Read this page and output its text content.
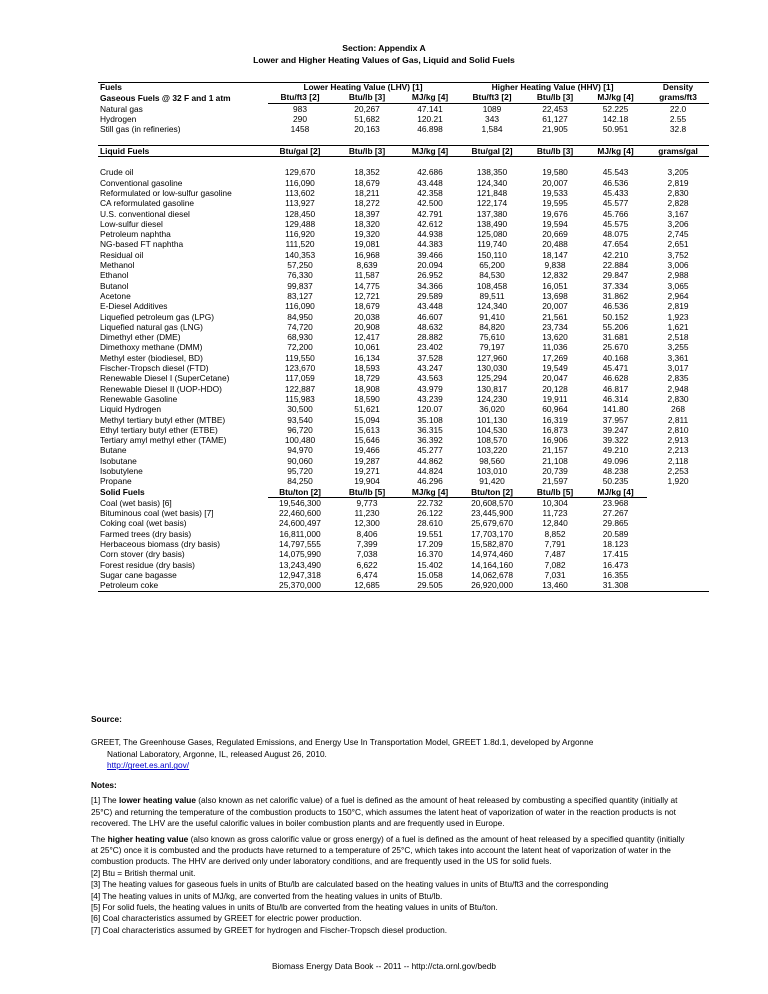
Section: Appendix A
Lower and Higher Heating Values of Gas, Liquid and Solid Fuels
Fuels	Lower Heating Value (LHV) [1]			Higher Heating Value (HHV) [1]			Density
Gaseous Fuels @ 32 F and 1 atm	Btu/ft3 [2]	Btu/lb [3]	MJ/kg [4]	Btu/ft3 [2]	Btu/lb [3]	MJ/kg [4]	grams/ft3
Natural gas	983	20,267	47.141	1089	22,453	52.225	22.0
Hydrogen	290	51,682	120.21	343	61,127	142.18	2.55
Still gas (in refineries)	1458	20,163	46.898	1,584	21,905	50.951	32.8

Liquid Fuels	Btu/gal [2]	Btu/lb [3]	MJ/kg [4]	Btu/gal [2]	Btu/lb [3]	MJ/kg [4]	grams/gal

Crude oil	129,670	18,352	42.686	138,350	19,580	45.543	3,205
Conventional gasoline	116,090	18,679	43.448	124,340	20,007	46.536	2,819
Reformulated or low-sulfur gasoline	113,602	18,211	42.358	121,848	19,533	45.433	2,830
CA reformulated gasoline	113,927	18,272	42.500	122,174	19,595	45.577	2,828
U.S. conventional diesel	128,450	18,397	42.791	137,380	19,676	45.766	3,167
Low-sulfur diesel	129,488	18,320	42.612	138,490	19,594	45.575	3,206
Petroleum naphtha	116,920	19,320	44.938	125,080	20,669	48.075	2,745
NG-based FT naphtha	111,520	19,081	44.383	119,740	20,488	47.654	2,651
Residual oil	140,353	16,968	39.466	150,110	18,147	42.210	3,752
Methanol	57,250	8,639	20.094	65,200	9,838	22.884	3,006
Ethanol	76,330	11,587	26.952	84,530	12,832	29.847	2,988
Butanol	99,837	14,775	34.366	108,458	16,051	37.334	3,065
Acetone	83,127	12,721	29.589	89,511	13,698	31.862	2,964
E-Diesel Additives	116,090	18,679	43.448	124,340	20,007	46.536	2,819
Liquefied petroleum gas (LPG)	84,950	20,038	46.607	91,410	21,561	50.152	1,923
Liquefied natural gas (LNG)	74,720	20,908	48.632	84,820	23,734	55.206	1,621
Dimethyl ether (DME)	68,930	12,417	28.882	75,610	13,620	31.681	2,518
Dimethoxy methane (DMM)	72,200	10,061	23.402	79,197	11,036	25.670	3,255
Methyl ester (biodiesel, BD)	119,550	16,134	37.528	127,960	17,269	40.168	3,361
Fischer-Tropsch diesel (FTD)	123,670	18,593	43.247	130,030	19,549	45.471	3,017
Renewable Diesel I (SuperCetane)	117,059	18,729	43.563	125,294	20,047	46.628	2,835
Renewable Diesel II (UOP-HDO)	122,887	18,908	43.979	130,817	20,128	46.817	2,948
Renewable Gasoline	115,983	18,590	43.239	124,230	19,911	46.314	2,830
Liquid Hydrogen	30,500	51,621	120.07	36,020	60,964	141.80	268
Methyl tertiary butyl ether (MTBE)	93,540	15,094	35.108	101,130	16,319	37.957	2,811
Ethyl tertiary butyl ether (ETBE)	96,720	15,613	36.315	104,530	16,873	39.247	2,810
Tertiary amyl methyl ether (TAME)	100,480	15,646	36.392	108,570	16,906	39.322	2,913
Butane	94,970	19,466	45.277	103,220	21,157	49.210	2,213
Isobutane	90,060	19,287	44.862	98,560	21,108	49.096	2,118
Isobutylene	95,720	19,271	44.824	103,010	20,739	48.238	2,253
Propane	84,250	19,904	46.296	91,420	21,597	50.235	1,920
Solid Fuels	Btu/ton [2]	Btu/lb [5]	MJ/kg [4]	Btu/ton [2]	Btu/lb [5]	MJ/kg [4]	
Coal (wet basis) [6]	19,546,300	9,773	22.732	20,608,570	10,304	23.968	
Bituminous coal (wet basis) [7]	22,460,600	11,230	26.122	23,445,900	11,723	27.267	
Coking coal (wet basis)	24,600,497	12,300	28.610	25,679,670	12,840	29.865	
Farmed trees (dry basis)	16,811,000	8,406	19.551	17,703,170	8,852	20.589	
Herbaceous biomass (dry basis)	14,797,555	7,399	17.209	15,582,870	7,791	18.123	
Corn stover (dry basis)	14,075,990	7,038	16.370	14,974,460	7,487	17.415	
Forest residue (dry basis)	13,243,490	6,622	15.402	14,164,160	7,082	16.473	
Sugar cane bagasse	12,947,318	6,474	15.058	14,062,678	7,031	16.355	
Petroleum coke	25,370,000	12,685	29.505	26,920,000	13,460	31.308	

Source:

GREET, The Greenhouse Gases, Regulated Emissions, and Energy Use In Transportation Model, GREET 1.8d.1, developed by Argonne
National Laboratory, Argonne, IL, released August 26, 2010.
http://greet.es.anl.gov/

Notes:

[1] The lower heating value (also known as net calorific value) of a fuel is defined as the amount of heat released by combusting a specified quantity (initially at 25°C) and returning the temperature of the combustion products to 150°C, which assumes the latent heat of vaporization of water in the reaction products is not recovered. The LHV are the useful calorific values in boiler combustion plants and are frequently used in Europe.

The higher heating value (also known as gross calorific value or gross energy) of a fuel is defined as the amount of heat released by a specified quantity (initially at 25°C) once it is combusted and the products have returned to a temperature of 25°C, which takes into account the latent heat of vaporization of water in the combustion products. The HHV are derived only under laboratory conditions, and are frequently used in the US for solid fuels.

[2] Btu = British thermal unit.
[3] The heating values for gaseous fuels in units of Btu/lb are calculated based on the heating values in units of Btu/ft3 and the corresponding
[4] The heating values in units of MJ/kg, are converted from the heating values in units of Btu/lb.
[5] For solid fuels, the heating values in units of Btu/lb are converted from the heating values in units of Btu/ton.
[6] Coal characteristics assumed by GREET for electric power production.
[7] Coal characteristics assumed by GREET for hydrogen and Fischer-Tropsch diesel production.
Biomass Energy Data Book -- 2011 -- http://cta.ornl.gov/bedb
